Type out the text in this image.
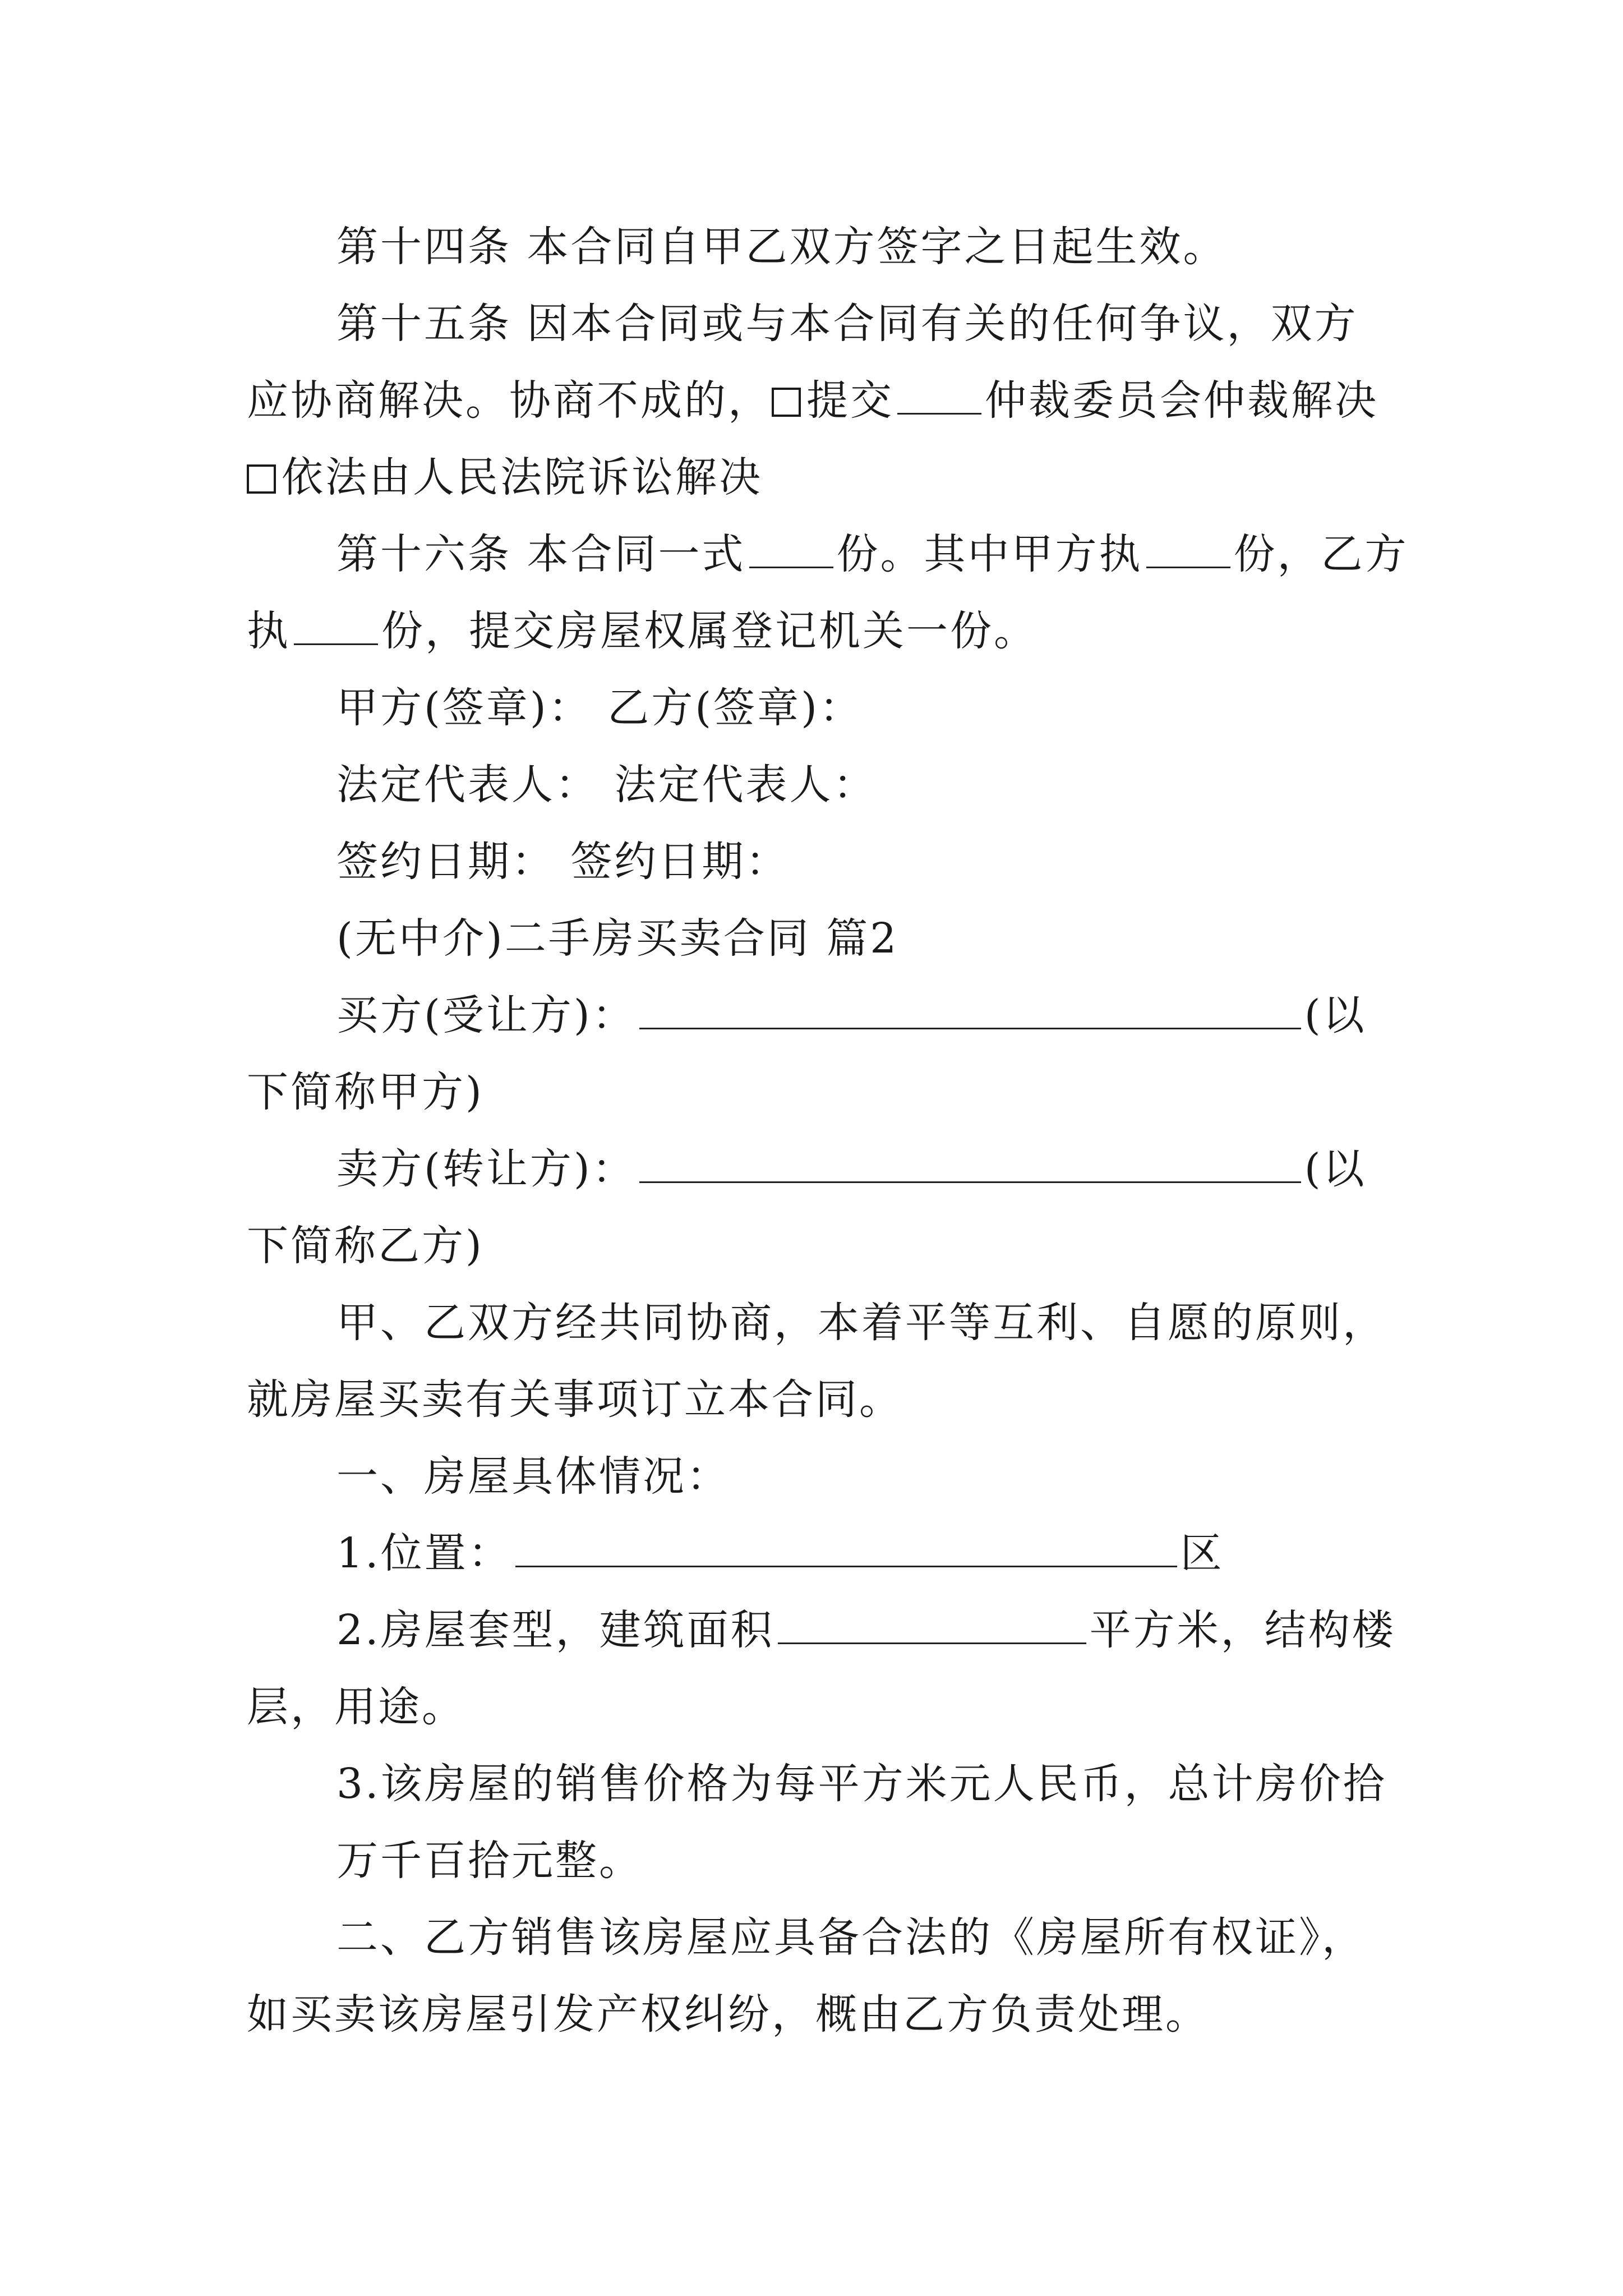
第十四条 本合同自甲乙双方签字之日起生效。
第十五条 因本合同或与本合同有关的任何争议，双方
应协商解决。协商不成的， 提交 仲裁委员会仲裁解决
依法由人民法院诉讼解决
第十六条 本合同一式 份。其中甲方执 份，乙方
执 份，提交房屋权属登记机关一份。
甲方(签章)： 乙方(签章)：
法定代表人： 法定代表人：
签约日期： 签约日期：
(无中介)二手房买卖合同 篇2
买方(受让方)：	(以
下简称甲方)
卖方(转让方)：	(以
下简称乙方)
甲、乙双方经共同协商，本着平等互利、自愿的原则，
就房屋买卖有关事项订立本合同。
一、房屋具体情况：
1.位置：	区
2.房屋套型，建筑面积	平方米，结构楼
层，用途。
3.该房屋的销售价格为每平方米元人民币，总计房价拾
万千百拾元整。
二、乙方销售该房屋应具备合法的《房屋所有权证》，
如买卖该房屋引发产权纠纷，概由乙方负责处理。
